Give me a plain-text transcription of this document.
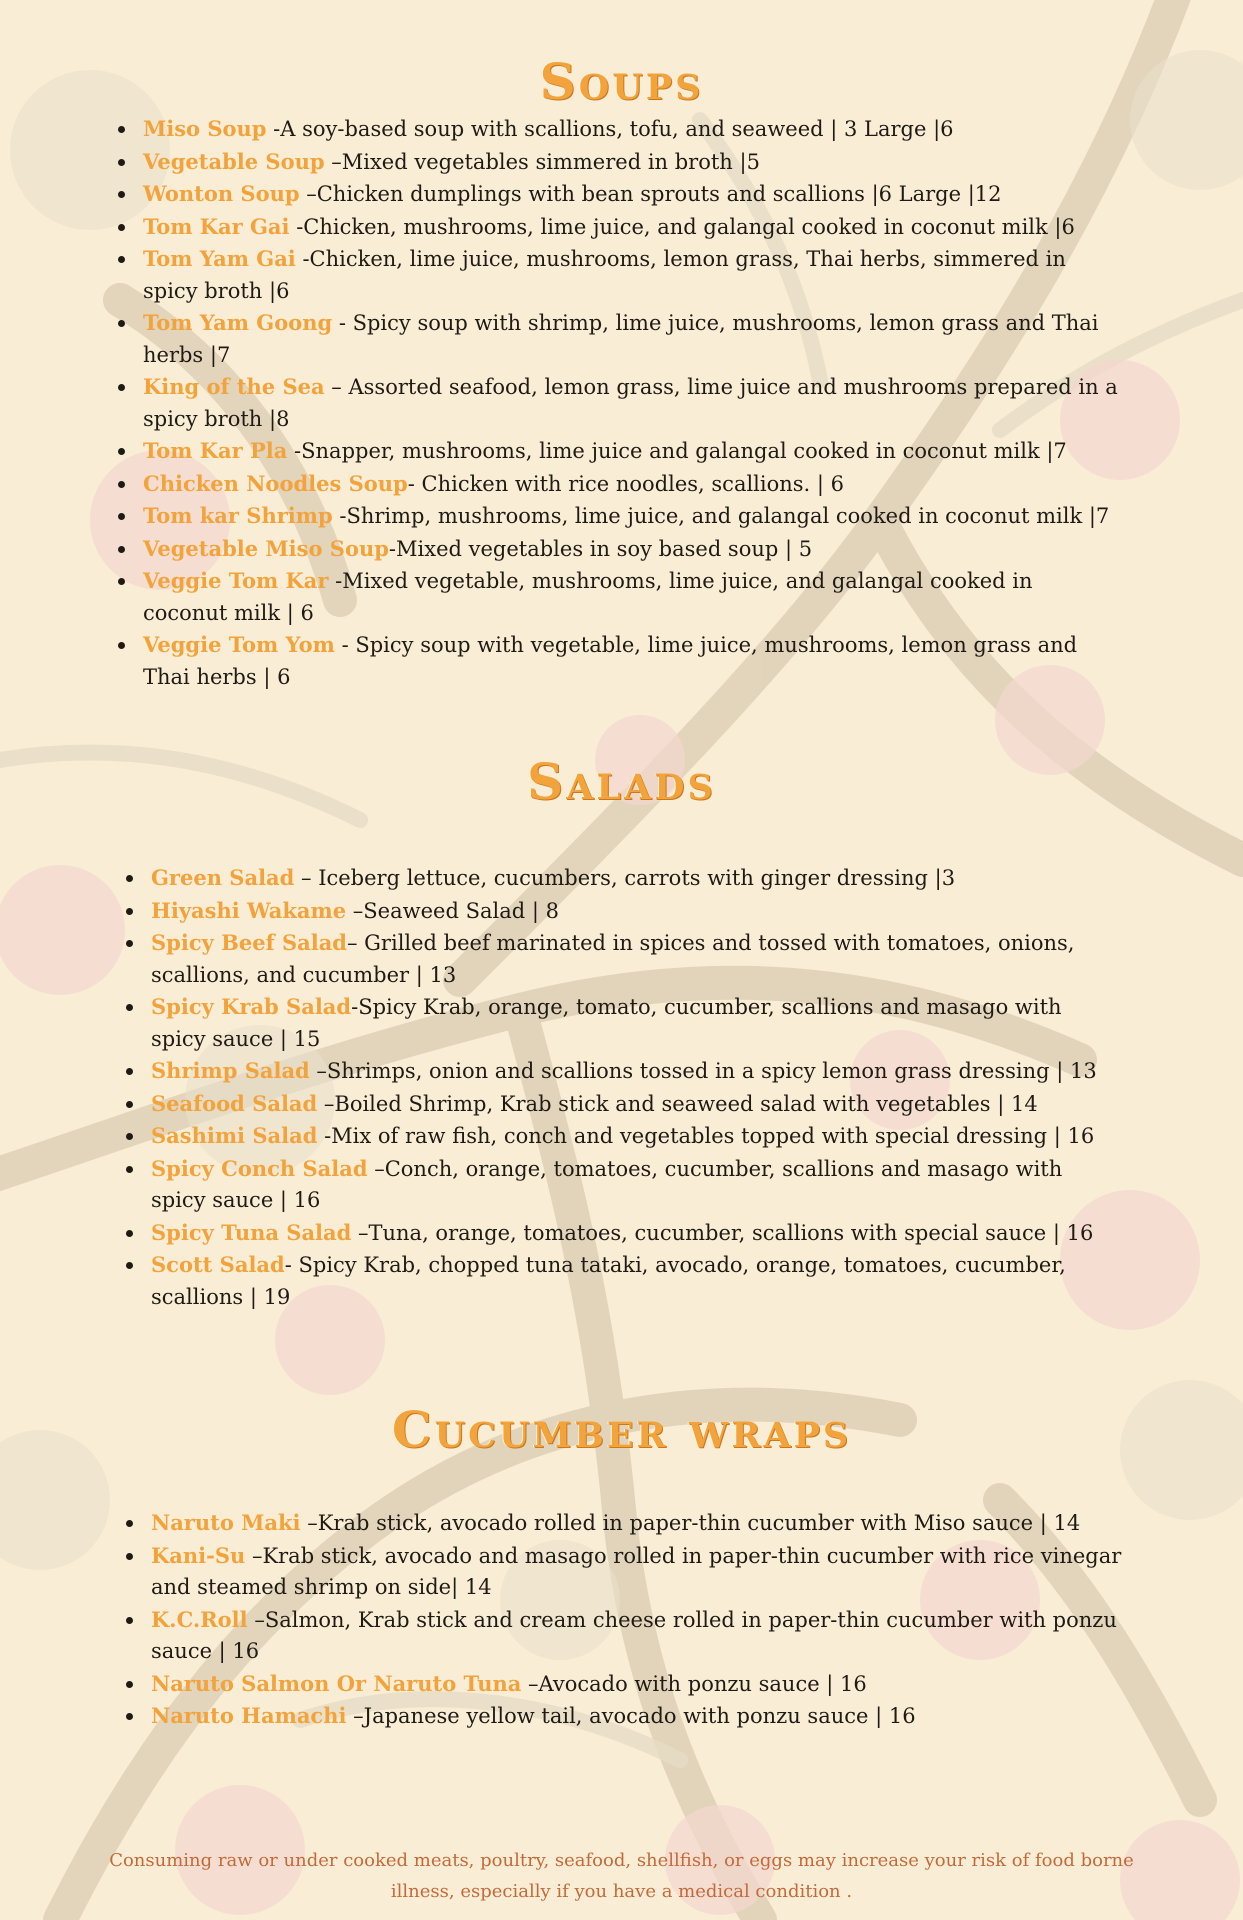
Soups
Miso Soup -A soy-based soup with scallions, tofu, and seaweed | 3 Large |6
Vegetable Soup –Mixed vegetables simmered in broth |5
Wonton Soup –Chicken dumplings with bean sprouts and scallions |6 Large |12
Tom Kar Gai -Chicken, mushrooms, lime juice, and galangal cooked in coconut milk |6
Tom Yam Gai -Chicken, lime juice, mushrooms, lemon grass, Thai herbs, simmered in spicy broth |6
Tom Yam Goong - Spicy soup with shrimp, lime juice, mushrooms, lemon grass and Thai herbs |7
King of the Sea – Assorted seafood, lemon grass, lime juice and mushrooms prepared in a spicy broth |8
Tom Kar Pla -Snapper, mushrooms, lime juice and galangal cooked in coconut milk |7
Chicken Noodles Soup- Chicken with rice noodles, scallions. | 6
Tom kar Shrimp -Shrimp, mushrooms, lime juice, and galangal cooked in coconut milk |7
Vegetable Miso Soup-Mixed vegetables in soy based soup | 5
Veggie Tom Kar -Mixed vegetable, mushrooms, lime juice, and galangal cooked in coconut milk | 6
Veggie Tom Yom - Spicy soup with vegetable, lime juice, mushrooms, lemon grass and Thai herbs | 6
Salads
Green Salad – Iceberg lettuce, cucumbers, carrots with ginger dressing |3
Hiyashi Wakame –Seaweed Salad | 8
Spicy Beef Salad– Grilled beef marinated in spices and tossed with tomatoes, onions, scallions, and cucumber | 13
Spicy Krab Salad-Spicy Krab, orange, tomato, cucumber, scallions and masago with spicy sauce | 15
Shrimp Salad –Shrimps, onion and scallions tossed in a spicy lemon grass dressing | 13
Seafood Salad –Boiled Shrimp, Krab stick and seaweed salad with vegetables | 14
Sashimi Salad -Mix of raw fish, conch and vegetables topped with special dressing | 16
Spicy Conch Salad –Conch, orange, tomatoes, cucumber, scallions and masago with spicy sauce | 16
Spicy Tuna Salad –Tuna, orange, tomatoes, cucumber, scallions with special sauce | 16
Scott Salad- Spicy Krab, chopped tuna tataki, avocado, orange, tomatoes, cucumber, scallions | 19
Cucumber wraps
Naruto Maki –Krab stick, avocado rolled in paper-thin cucumber with Miso sauce | 14
Kani-Su –Krab stick, avocado and masago rolled in paper-thin cucumber with rice vinegar and steamed shrimp on side| 14
K.C.Roll –Salmon, Krab stick and cream cheese rolled in paper-thin cucumber with ponzu sauce | 16
Naruto Salmon Or Naruto Tuna –Avocado with ponzu sauce | 16
Naruto Hamachi –Japanese yellow tail, avocado with ponzu sauce | 16
Consuming raw or under cooked meats, poultry, seafood, shellfish, or eggs may increase your risk of food borne illness, especially if you have a medical condition .
